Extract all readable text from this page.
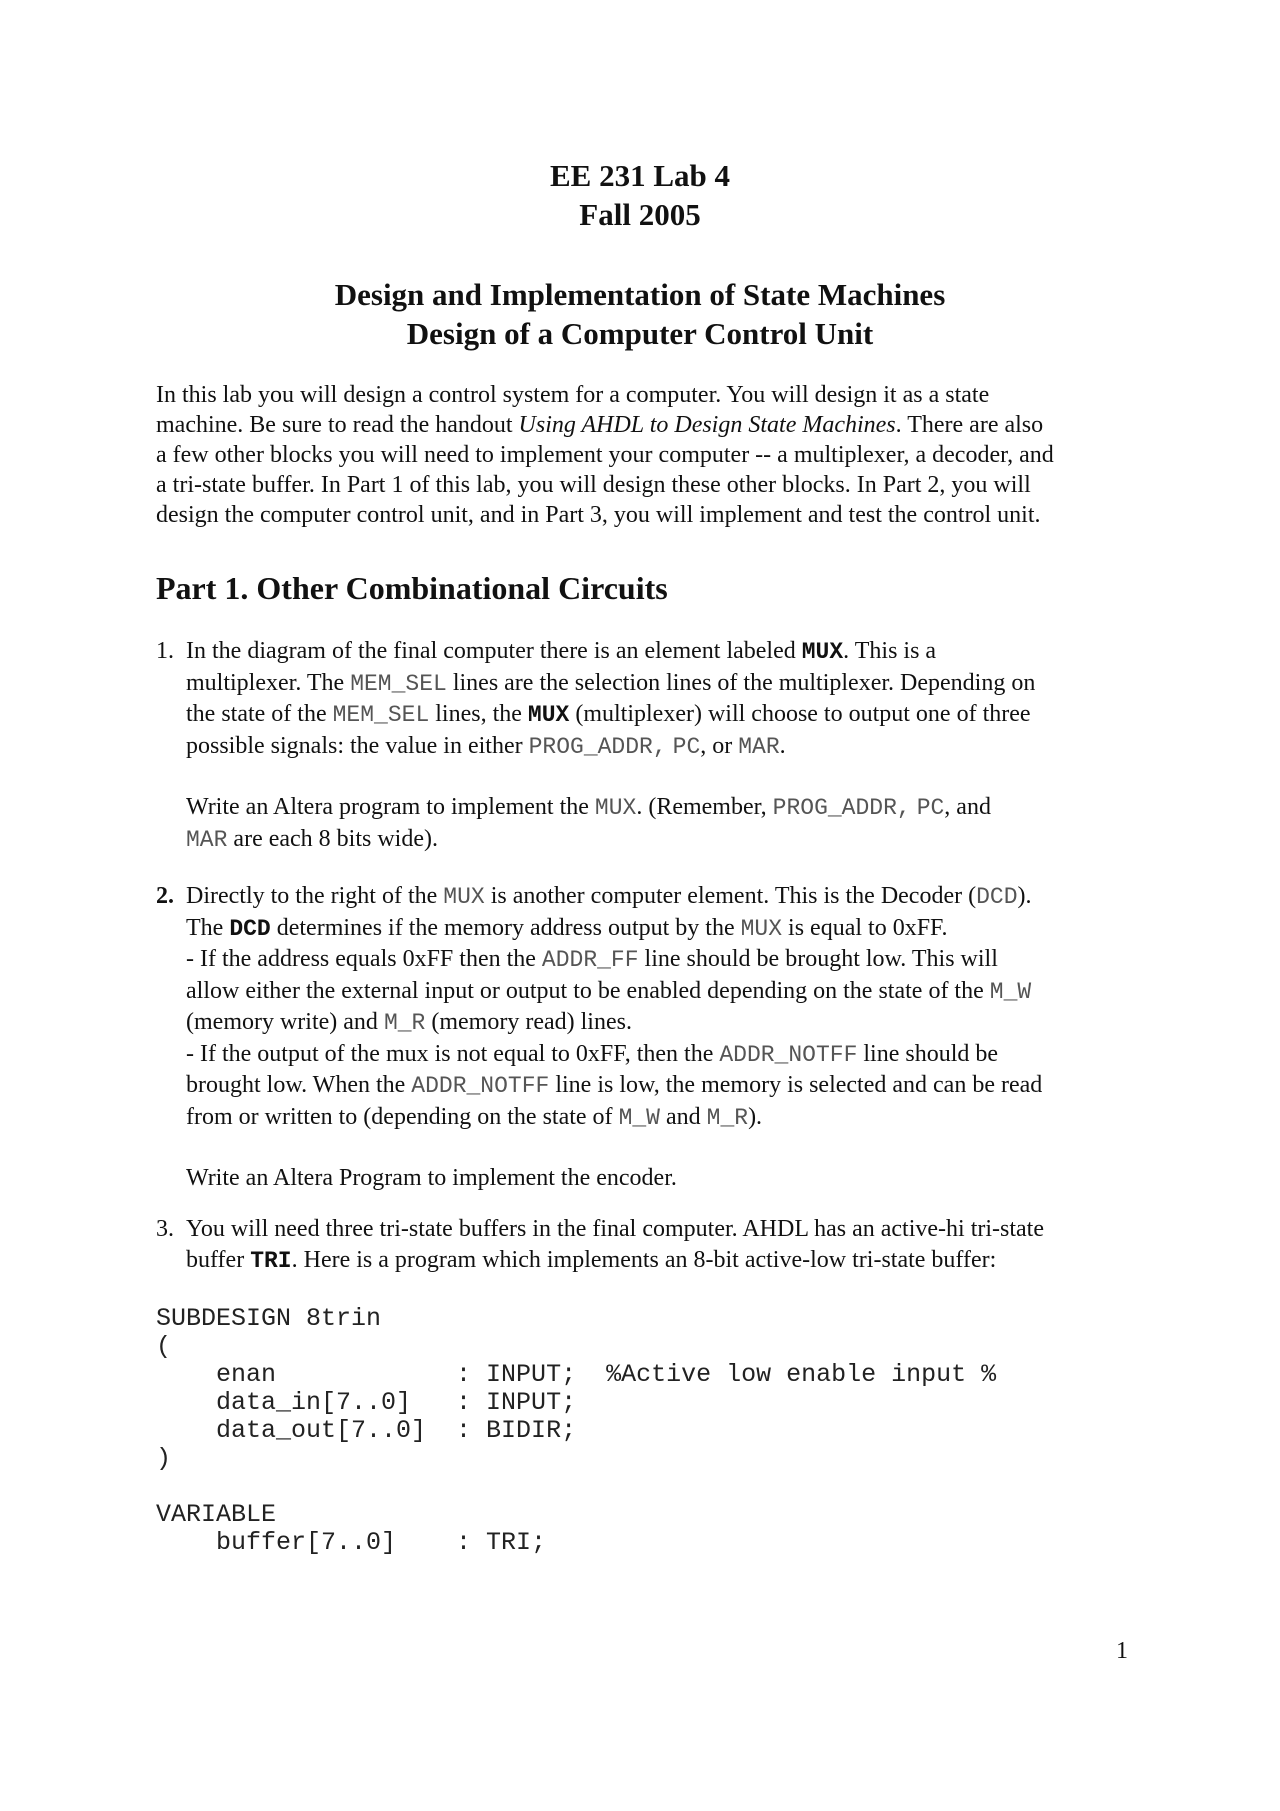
EE 231 Lab 4
Fall 2005
Design and Implementation of State Machines
Design of a Computer Control Unit
In this lab you will design a control system for a computer. You will design it as a state
machine. Be sure to read the handout Using AHDL to Design State Machines. There are also
a few other blocks you will need to implement your computer -- a multiplexer, a decoder, and
a tri-state buffer. In Part 1 of this lab, you will design these other blocks. In Part 2, you will
design the computer control unit, and in Part 3, you will implement and test the control unit.
Part 1. Other Combinational Circuits
1. In the diagram of the final computer there is an element labeled MUX. This is a
multiplexer. The MEM_SEL lines are the selection lines of the multiplexer. Depending on
the state of the MEM_SEL lines, the MUX (multiplexer) will choose to output one of three
possible signals: the value in either PROG_ADDR, PC, or MAR.
Write an Altera program to implement the MUX. (Remember, PROG_ADDR, PC, and
MAR are each 8 bits wide).
2. Directly to the right of the MUX is another computer element. This is the Decoder (DCD).
The DCD determines if the memory address output by the MUX is equal to 0xFF.
- If the address equals 0xFF then the ADDR_FF line should be brought low. This will
allow either the external input or output to be enabled depending on the state of the M_W
(memory write) and M_R (memory read) lines.
- If the output of the mux is not equal to 0xFF, then the ADDR_NOTFF line should be
brought low. When the ADDR_NOTFF line is low, the memory is selected and can be read
from or written to (depending on the state of M_W and M_R).
Write an Altera Program to implement the encoder.
3. You will need three tri-state buffers in the final computer. AHDL has an active-hi tri-state
buffer TRI. Here is a program which implements an 8-bit active-low tri-state buffer:
SUBDESIGN 8trin
(
enan            : INPUT;  %Active low enable input %
data_in[7..0]   : INPUT;
data_out[7..0]  : BIDIR;
)
VARIABLE
buffer[7..0]    : TRI;
1
